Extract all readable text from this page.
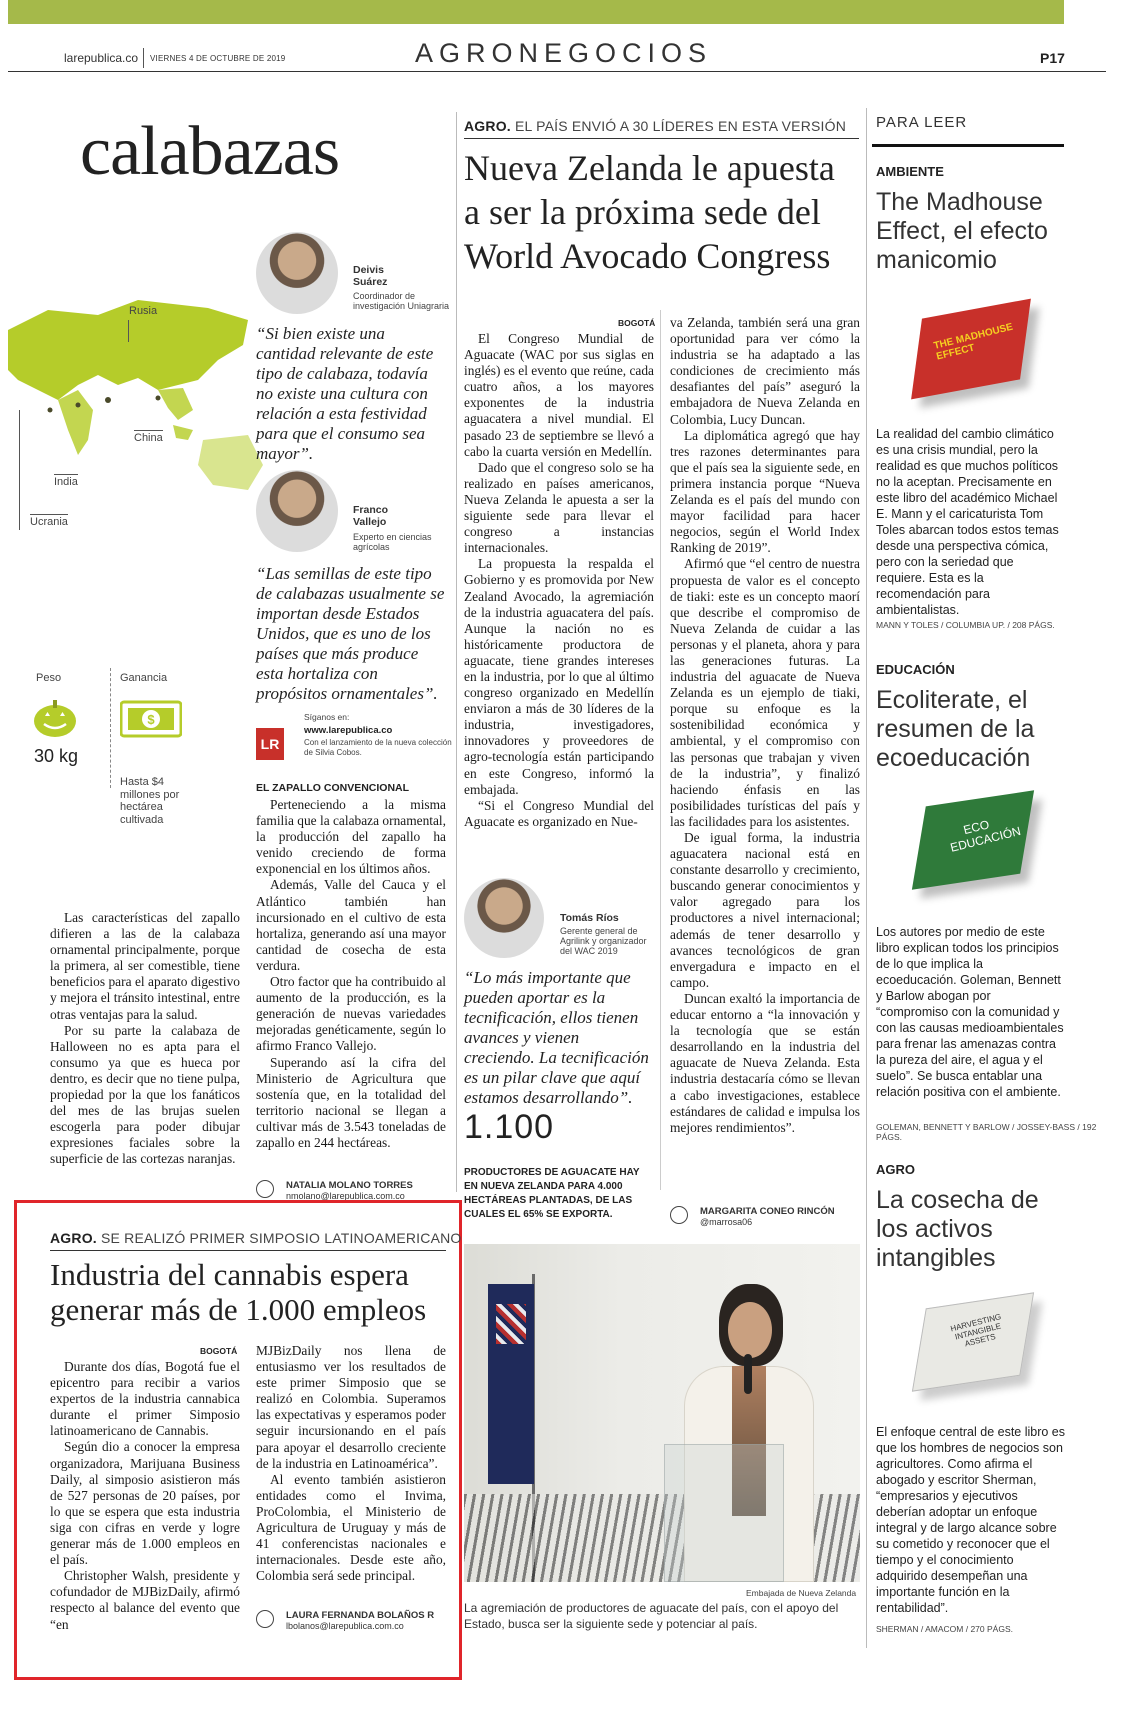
larepublica.co VIERNES 4 DE OCTUBRE DE 2019	AGRONEGOCIOS	P17
calabazas
Rusia
China
India
Ucrania
Peso
30 kg
Ganancia
$
Hasta $4 millones por hectárea cultivada
Deivis Suárez
Coordinador de investigación Uniagraria
“Si bien existe una cantidad relevante de este tipo de calabaza, todavía no existe una cultura con relación a esta festividad para que el consumo sea mayor”.
Franco Vallejo
Experto en ciencias agrícolas
“Las semillas de este tipo de calabazas usualmente se importan desde Estados Unidos, que es uno de los países que más produce esta hortaliza con propósitos ornamentales”.
LR
Síganos en:
www.larepublica.co
Con el lanzamiento de la nueva colección de Silvia Cobos.
EL ZAPALLO CONVENCIONAL

Perteneciendo a la misma familia que la calabaza ornamental, la producción del zapallo ha venido creciendo de forma exponencial en los últimos años.

Además, Valle del Cauca y el Atlántico también han incursionado en el cultivo de esta hortaliza, generando así una mayor cantidad de cosecha de esta verdura.

Otro factor que ha contribuido al aumento de la producción, es la generación de nuevas variedades mejoradas genéticamente, según lo afirmo Franco Vallejo.

Superando así la cifra del Ministerio de Agricultura que sostenía que, en la totalidad del territorio nacional se llegan a cultivar más de 3.543 toneladas de zapallo en 244 hectáreas.

NATALIA MOLANO TORRES
nmolano@larepublica.com.co

Las características del zapallo difieren a las de la calabaza ornamental principalmente, porque la primera, al ser comestible, tiene beneficios para el aparato digestivo y mejora el tránsito intestinal, entre otras ventajas para la salud.

Por su parte la calabaza de Halloween no es apta para el consumo ya que es hueca por dentro, es decir que no tiene pulpa, propiedad por la que los fanáticos del mes de las brujas suelen escogerla para poder dibujar expresiones faciales sobre la superficie de las cortezas naranjas.

AGRO. SE REALIZÓ PRIMER SIMPOSIO LATINOAMERICANO
Industria del cannabis espera generar más de 1.000 empleos
BOGOTÁ

Durante dos días, Bogotá fue el epicentro para recibir a varios expertos de la industria cannabica durante el primer Simposio latinoamericano de Cannabis.

Según dio a conocer la empresa organizadora, Marijuana Business Daily, al simposio asistieron más de 527 personas de 20 países, por lo que se espera que esta industria siga con cifras en verde y logre generar más de 1.000 empleos en el país.

Christopher Walsh, presidente y cofundador de MJBizDaily, afirmó respecto al balance del evento que “en

MJBizDaily nos llena de entusiasmo ver los resultados de este primer Simposio que se realizó en Colombia. Superamos las expectativas y esperamos poder seguir incursionando en el país para apoyar el desarrollo creciente de la industria en Latinoamérica”.

Al evento también asistieron entidades como el Invima, ProColombia, el Ministerio de Agricultura de Uruguay y más de 41 conferencistas nacionales e internacionales. Desde este año, Colombia será sede principal.

LAURA FERNANDA BOLAÑOS R
lbolanos@larepublica.com.co
AGRO. EL PAÍS ENVIÓ A 30 LÍDERES EN ESTA VERSIÓN
Nueva Zelanda le apuesta a ser la próxima sede del World Avocado Congress
BOGOTÁ

El Congreso Mundial de Aguacate (WAC por sus siglas en inglés) es el evento que reúne, cada cuatro años, a los mayores exponentes de la industria aguacatera a nivel mundial. El pasado 23 de septiembre se llevó a cabo la cuarta versión en Medellín.

Dado que el congreso solo se ha realizado en países americanos, Nueva Zelanda le apuesta a ser la siguiente sede para llevar el congreso a instancias internacionales.

La propuesta la respalda el Gobierno y es promovida por New Zealand Avocado, la agremiación de la industria aguacatera del país. Aunque la nación no es históricamente productora de aguacate, tiene grandes intereses en la industria, por lo que al último congreso organizado en Medellín enviaron a más de 30 líderes de la industria, investigadores, innovadores y proveedores de agro-tecnología están participando en este Congreso, informó la embajada.

“Si el Congreso Mundial del Aguacate es organizado en Nue-

Tomás Ríos
Gerente general de Agrilink y organizador del WAC 2019
“Lo más importante que pueden aportar es la tecnificación, ellos tienen avances y vienen creciendo. La tecnificación es un pilar clave que aquí estamos desarrollando”.
1.100
PRODUCTORES DE AGUACATE HAY EN NUEVA ZELANDA PARA 4.000 HECTÁREAS PLANTADAS, DE LAS CUALES EL 65% SE EXPORTA.

va Zelanda, también será una gran oportunidad para ver cómo la industria se ha adaptado a las condiciones de crecimiento más desafiantes del país” aseguró la embajadora de Nueva Zelanda en Colombia, Lucy Duncan.

La diplomática agregó que hay tres razones determinantes para que el país sea la siguiente sede, en primera instancia porque “Nueva Zelanda es el país del mundo con mayor facilidad para hacer negocios, según el World Index Ranking de 2019”.

Afirmó que “el centro de nuestra propuesta de valor es el concepto de tiaki: este es un concepto maorí que describe el compromiso de Nueva Zelanda de cuidar a las personas y el planeta, ahora y para las generaciones futuras. La industria del aguacate de Nueva Zelanda es un ejemplo de tiaki, porque su enfoque es la sostenibilidad económica y ambiental, y el compromiso con las personas que trabajan y viven de la industria”, y finalizó haciendo énfasis en las posibilidades turísticas del país y las facilidades para los asistentes.

De igual forma, la industria aguacatera nacional está en constante desarrollo y crecimiento, buscando generar conocimientos y valor agregado para los productores a nivel internacional; además de tener desarrollo y avances tecnológicos de gran envergadura e impacto en el campo.

Duncan exaltó la importancia de educar entorno a “la innovación y la tecnología que se están desarrollando en la industria del aguacate de Nueva Zelanda. Esta industria destacaría cómo se llevan a cabo investigaciones, establece estándares de calidad e impulsa los mejores rendimientos”.

MARGARITA CONEO RINCÓN
@marrosa06
Embajada de Nueva Zelanda
La agremiación de productores de aguacate del país, con el apoyo del Estado, busca ser la siguiente sede y potenciar al país.
PARA LEER
AMBIENTE
The Madhouse Effect, el efecto manicomio
THE MADHOUSE EFFECT
La realidad del cambio climático es una crisis mundial, pero la realidad es que muchos políticos no la aceptan. Precisamente en este libro del académico Michael E. Mann y el caricaturista Tom Toles abarcan todos estos temas desde una perspectiva cómica, pero con la seriedad que requiere. Esta es la recomendación para ambientalistas.
MANN Y TOLES / COLUMBIA UP. / 208 PÁGS.
EDUCACIÓN
Ecoliterate, el resumen de la ecoeducación
ECO EDUCACIÓN
Los autores por medio de este libro explican todos los principios de lo que implica la ecoeducación. Goleman, Bennett y Barlow abogan por “compromiso con la comunidad y con las causas medioambientales para frenar las amenazas contra la pureza del aire, el agua y el suelo”. Se busca entablar una relación positiva con el ambiente.
GOLEMAN, BENNETT Y BARLOW / JOSSEY-BASS / 192 PÁGS.
AGRO
La cosecha de los activos intangibles
HARVESTING INTANGIBLE ASSETS
El enfoque central de este libro es que los hombres de negocios son agricultores. Como afirma el abogado y escritor Sherman, “empresarios y ejecutivos deberían adoptar un enfoque integral y de largo alcance sobre su cometido y reconocer que el tiempo y el conocimiento adquirido desempeñan una importante función en la rentabilidad”.
SHERMAN / AMACOM / 270 PÁGS.
